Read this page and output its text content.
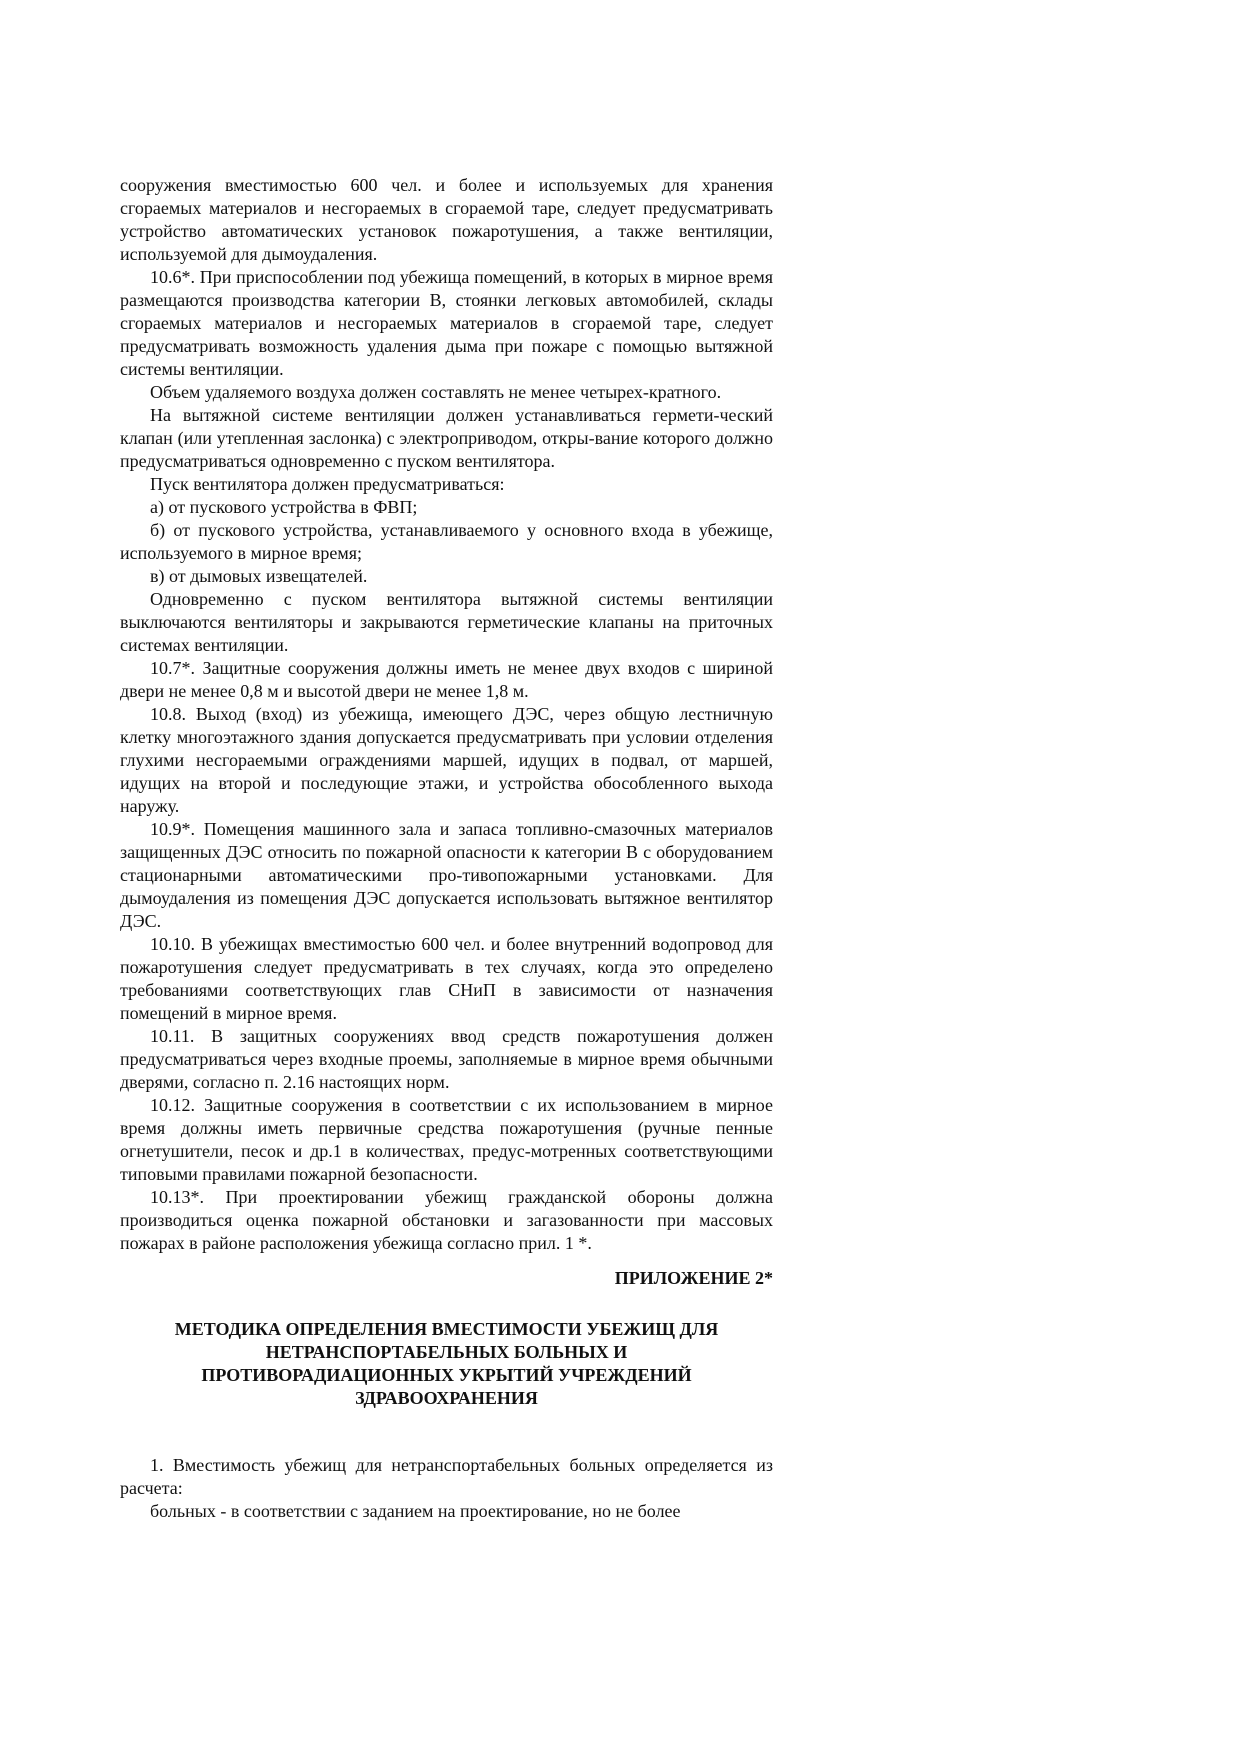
сооружения вместимостью 600 чел. и более и используемых для хранения сгораемых материалов и несгораемых в сгораемой таре, следует предусматривать устройство автоматических установок пожаротушения, а также вентиляции, используемой для дымоудаления.

10.6*. При приспособлении под убежища помещений, в которых в мирное время размещаются производства категории В, стоянки легковых автомобилей, склады сгораемых материалов и несгораемых материалов в сгораемой таре, следует предусматривать возможность удаления дыма при пожаре с помощью вытяжной системы вентиляции.

Объем удаляемого воздуха должен составлять не менее четырех-кратного.

На вытяжной системе вентиляции должен устанавливаться гермети-ческий клапан (или утепленная заслонка) с электроприводом, откры-вание которого должно предусматриваться одновременно с пуском вентилятора.

Пуск вентилятора должен предусматриваться:

а) от пускового устройства в ФВП;

б) от пускового устройства, устанавливаемого у основного входа в убежище, используемого в мирное время;

в) от дымовых извещателей.

Одновременно с пуском вентилятора вытяжной системы вентиляции выключаются вентиляторы и закрываются герметические клапаны на приточных системах вентиляции.

10.7*. Защитные сооружения должны иметь не менее двух входов с шириной двери не менее 0,8 м и высотой двери не менее 1,8 м.

10.8. Выход (вход) из убежища, имеющего ДЭС, через общую лестничную клетку многоэтажного здания допускается предусматривать при условии отделения глухими несгораемыми ограждениями маршей, идущих в подвал, от маршей, идущих на второй и последующие этажи, и устройства обособленного выхода наружу.

10.9*. Помещения машинного зала и запаса топливно-смазочных материалов защищенных ДЭС относить по пожарной опасности к категории В с оборудованием стационарными автоматическими про-тивопожарными установками. Для дымоудаления из помещения ДЭС допускается использовать вытяжное вентилятор ДЭС.

10.10. В убежищах вместимостью 600 чел. и более внутренний водопровод для пожаротушения следует предусматривать в тех случаях, когда это определено требованиями соответствующих глав СНиП в зависимости от назначения помещений в мирное время.

10.11. В защитных сооружениях ввод средств пожаротушения должен предусматриваться через входные проемы, заполняемые в мирное время обычными дверями, согласно п. 2.16 настоящих норм.

10.12. Защитные сооружения в соответствии с их использованием в мирное время должны иметь первичные средства пожаротушения (ручные пенные огнетушители, песок и др.1 в количествах, предус-мотренных соответствующими типовыми правилами пожарной безопасности.

10.13*. При проектировании убежищ гражданской обороны должна производиться оценка пожарной обстановки и загазованности при массовых пожарах в районе расположения убежища согласно прил. 1 *.

ПРИЛОЖЕНИЕ 2*

МЕТОДИКА ОПРЕДЕЛЕНИЯ ВМЕСТИМОСТИ УБЕЖИЩ ДЛЯ
НЕТРАНСПОРТАБЕЛЬНЫХ БОЛЬНЫХ И
ПРОТИВОРАДИАЦИОННЫХ УКРЫТИЙ УЧРЕЖДЕНИЙ
ЗДРАВООХРАНЕНИЯ

1. Вместимость убежищ для нетранспортабельных больных определяется из расчета:

больных - в соответствии с заданием на проектирование, но не более
